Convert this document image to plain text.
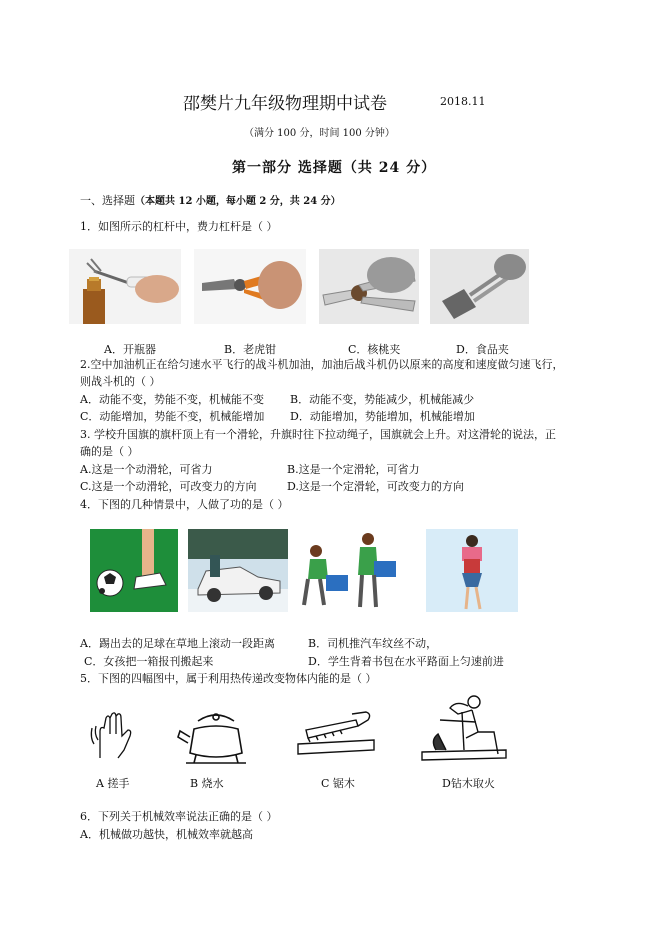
邵樊片九年级物理期中试卷	2018.11
（满分 100 分，时间 100 分钟）
第一部分 选择题（共 24 分）
一、选择题（本题共 12 小题，每小题 2 分，共 24 分）
1．如图所示的杠杆中，费力杠杆是（ ）
A．开瓶器	B．老虎钳	C．核桃夹	D．食品夹
2.空中加油机正在给匀速水平飞行的战斗机加油，加油后战斗机仍以原来的高度和速度做匀速飞行，
则战斗机的（ ）
A．动能不变，势能不变，机械能不变 B．动能不变，势能减少，机械能减少
C．动能增加，势能不变，机械能增加 D．动能增加，势能增加，机械能增加
3. 学校升国旗的旗杆顶上有一个滑轮，升旗时往下拉动绳子，国旗就会上升。对这滑轮的说法，正
确的是（ ）
A.这是一个动滑轮，可省力	B.这是一个定滑轮，可省力
C.这是一个动滑轮，可改变力的方向	D.这是一个定滑轮，可改变力的方向
4．下图的几种情景中，人做了功的是（ ）
A．踢出去的足球在草地上滚动一段距离	B．司机推汽车纹丝不动，
C．女孩把一箱报刊搬起来	D．学生背着书包在水平路面上匀速前进
5．下图的四幅图中，属于利用热传递改变物体内能的是（ ）
A 搓手	B 烧水	C 锯木	D钻木取火
6．下列关于机械效率说法正确的是（ ）
A．机械做功越快，机械效率就越高
